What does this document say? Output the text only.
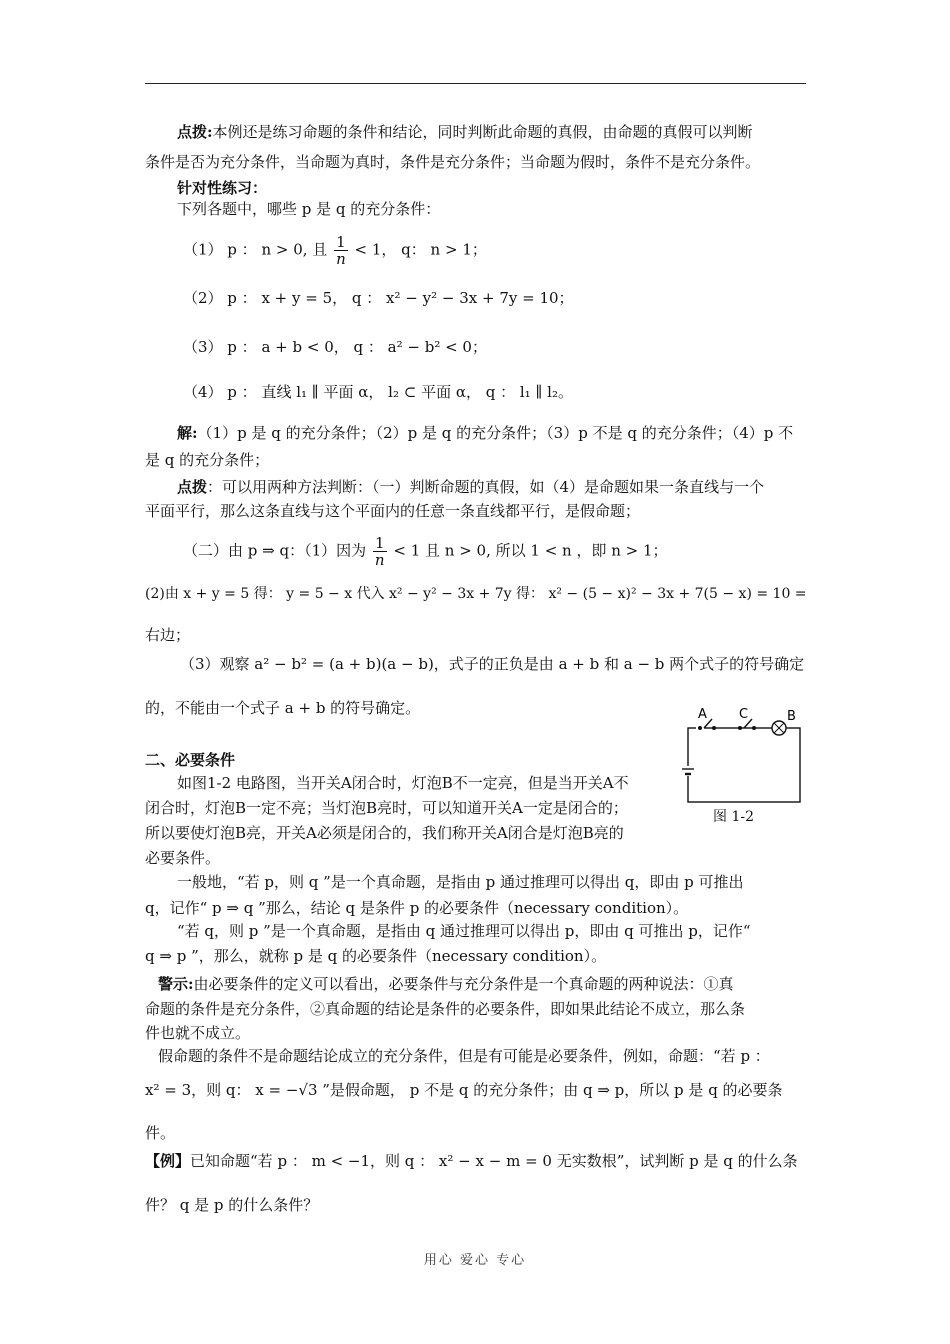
点拨:本例还是练习命题的条件和结论，同时判断此命题的真假，由命题的真假可以判断
条件是否为充分条件，当命题为真时，条件是充分条件；当命题为假时，条件不是充分条件。
针对性练习：
下列各题中，哪些 p 是 q 的充分条件：
（1） p ： n > 0, 且 $\frac{1}{n} < 1$， q： n > 1；
（2） p ： x + y = 5， q ： x² − y² − 3x + 7y = 10；
（3） p ： a + b < 0， q ： a² − b² < 0；
（4） p ： 直线 l₁ ∥ 平面 α， l₂ ⊂ 平面 α， q ： l₁ ∥ l₂。
解:（1）p 是 q 的充分条件；（2）p 是 q 的充分条件；（3）p 不是 q 的充分条件；（4）p 不
是 q 的充分条件；
点拨：可以用两种方法判断：（一）判断命题的真假，如（4）是命题如果一条直线与一个
平面平行，那么这条直线与这个平面内的任意一条直线都平行，是假命题；
（二）由 p ⇒ q：（1）因为 $\frac{1}{n} < 1$ 且 n > 0, 所以 1 < n ，即 n > 1；
(2)由 x + y = 5 得： y = 5 − x 代入 x² − y² − 3x + 7y 得： x² − (5 − x)² − 3x + 7(5 − x) = 10 =
右边；
（3）观察 a² − b² = (a + b)(a − b)，式子的正负是由 a + b 和 a − b 两个式子的符号确定
的，不能由一个式子 a + b 的符号确定。
二、必要条件
如图1-2 电路图，当开关A闭合时，灯泡B不一定亮，但是当开关A不
闭合时，灯泡B一定不亮；当灯泡B亮时，可以知道开关A一定是闭合的；
所以要使灯泡B亮，开关A必须是闭合的，我们称开关A闭合是灯泡B亮的
必要条件。
A C	B
图 1-2
一般地，“若 p，则 q ”是一个真命题，是指由 p 通过推理可以得出 q，即由 p 可推出
q，记作“ p ⇒ q ”那么，结论 q 是条件 p 的必要条件（necessary condition）。
“若 q，则 p ”是一个真命题，是指由 q 通过推理可以得出 p，即由 q 可推出 p，记作“
q ⇒ p ”，那么，就称 p 是 q 的必要条件（necessary condition）。
警示:由必要条件的定义可以看出，必要条件与充分条件是一个真命题的两种说法：①真
命题的条件是充分条件，②真命题的结论是条件的必要条件，即如果此结论不成立，那么条
件也就不成立。
假命题的条件不是命题结论成立的充分条件，但是有可能是必要条件，例如，命题：“若 p ：
x² = 3，则 q： x = −√3 ”是假命题， p 不是 q 的充分条件；由 q ⇒ p，所以 p 是 q 的必要条
件。
【例】已知命题“若 p ： m < −1，则 q ： x² − x − m = 0 无实数根”，试判断 p 是 q 的什么条
件？ q 是 p 的什么条件？
用心 爱心 专心
